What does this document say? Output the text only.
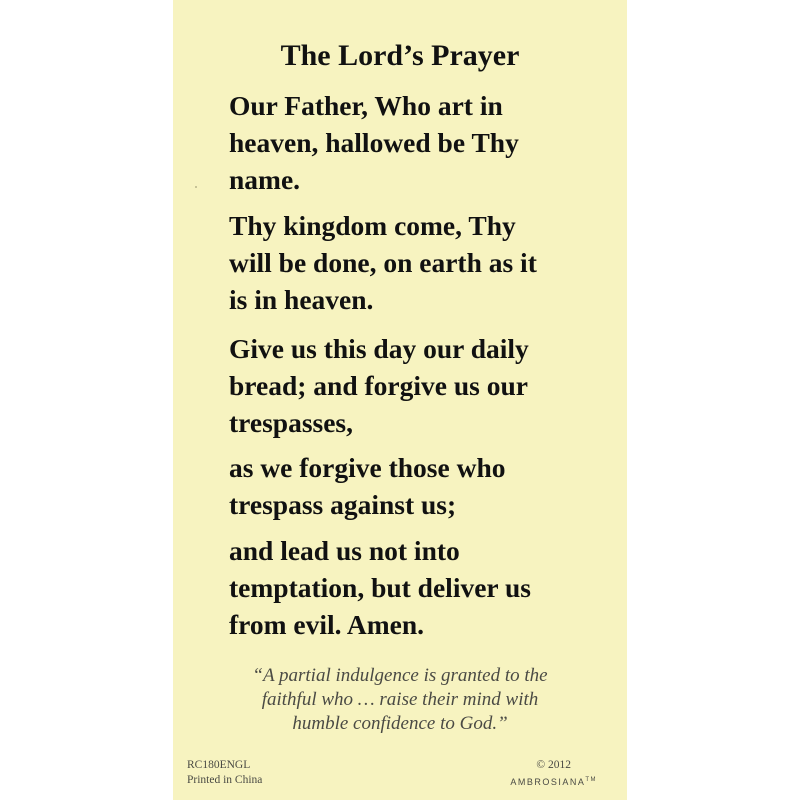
The Lord’s Prayer
Our Father, Who art in
heaven, hallowed be Thy
name.
Thy kingdom come, Thy
will be done, on earth as it
is in heaven.
Give us this day our daily
bread; and forgive us our
trespasses,
as we forgive those who
trespass against us;
and lead us not into
temptation, but deliver us
from evil. Amen.
“A partial indulgence is granted to the
faithful who … raise their mind with
humble confidence to God.”
RC180ENGL
Printed in China
© 2012
AMBROSIANA™
